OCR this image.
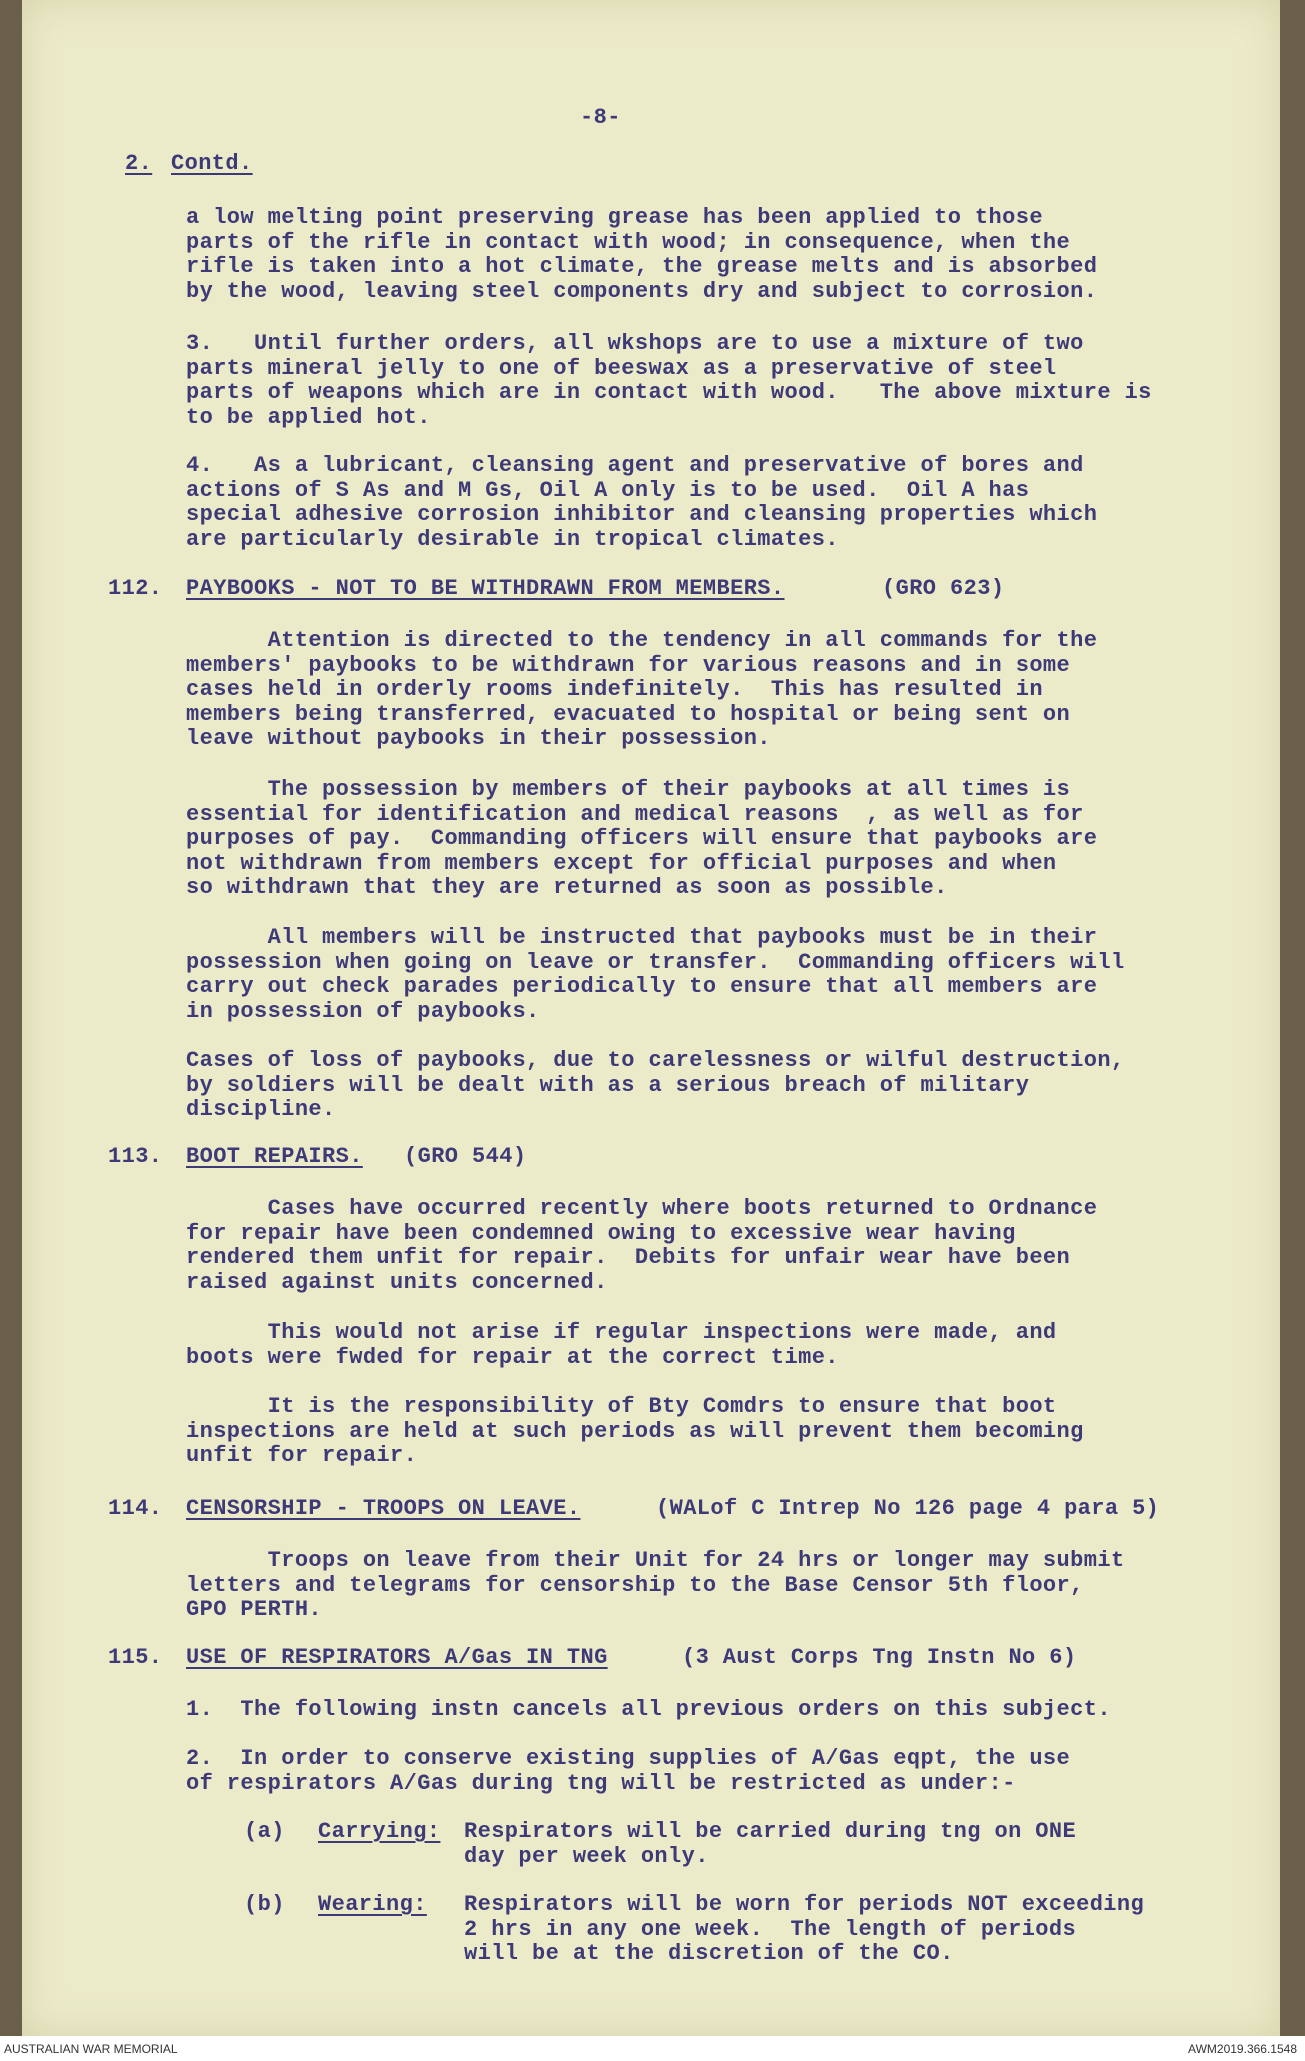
-8-
2. Contd.
a low melting point preserving grease has been applied to those
parts of the rifle in contact with wood; in consequence, when the
rifle is taken into a hot climate, the grease melts and is absorbed
by the wood, leaving steel components dry and subject to corrosion.
3.   Until further orders, all wkshops are to use a mixture of two
parts mineral jelly to one of beeswax as a preservative of steel
parts of weapons which are in contact with wood.   The above mixture is
to be applied hot.
4.   As a lubricant, cleansing agent and preservative of bores and
actions of S As and M Gs, Oil A only is to be used.  Oil A has
special adhesive corrosion inhibitor and cleansing properties which
are particularly desirable in tropical climates.
112. PAYBOOKS - NOT TO BE WITHDRAWN FROM MEMBERS.	(GRO 623)
Attention is directed to the tendency in all commands for the
members' paybooks to be withdrawn for various reasons and in some
cases held in orderly rooms indefinitely.  This has resulted in
members being transferred, evacuated to hospital or being sent on
leave without paybooks in their possession.
The possession by members of their paybooks at all times is
essential for identification and medical reasons  , as well as for
purposes of pay.  Commanding officers will ensure that paybooks are
not withdrawn from members except for official purposes and when
so withdrawn that they are returned as soon as possible.
All members will be instructed that paybooks must be in their
possession when going on leave or transfer.  Commanding officers will
carry out check parades periodically to ensure that all members are
in possession of paybooks.
Cases of loss of paybooks, due to carelessness or wilful destruction,
by soldiers will be dealt with as a serious breach of military
discipline.
113. BOOT REPAIRS. (GRO 544)
Cases have occurred recently where boots returned to Ordnance
for repair have been condemned owing to excessive wear having
rendered them unfit for repair.  Debits for unfair wear have been
raised against units concerned.
This would not arise if regular inspections were made, and
boots were fwded for repair at the correct time.
It is the responsibility of Bty Comdrs to ensure that boot
inspections are held at such periods as will prevent them becoming
unfit for repair.
114. CENSORSHIP - TROOPS ON LEAVE.	(WALof C Intrep No 126 page 4 para 5)
Troops on leave from their Unit for 24 hrs or longer may submit
letters and telegrams for censorship to the Base Censor 5th floor,
GPO PERTH.
115. USE OF RESPIRATORS A/Gas IN TNG	(3 Aust Corps Tng Instn No 6)
1.  The following instn cancels all previous orders on this subject.
2.  In order to conserve existing supplies of A/Gas eqpt, the use
of respirators A/Gas during tng will be restricted as under:-
(a) Carrying: Respirators will be carried during tng on ONE
day per week only.
(b) Wearing: Respirators will be worn for periods NOT exceeding
2 hrs in any one week.  The length of periods
will be at the discretion of the CO.
AUSTRALIAN WAR MEMORIAL	AWM2019.366.1548
